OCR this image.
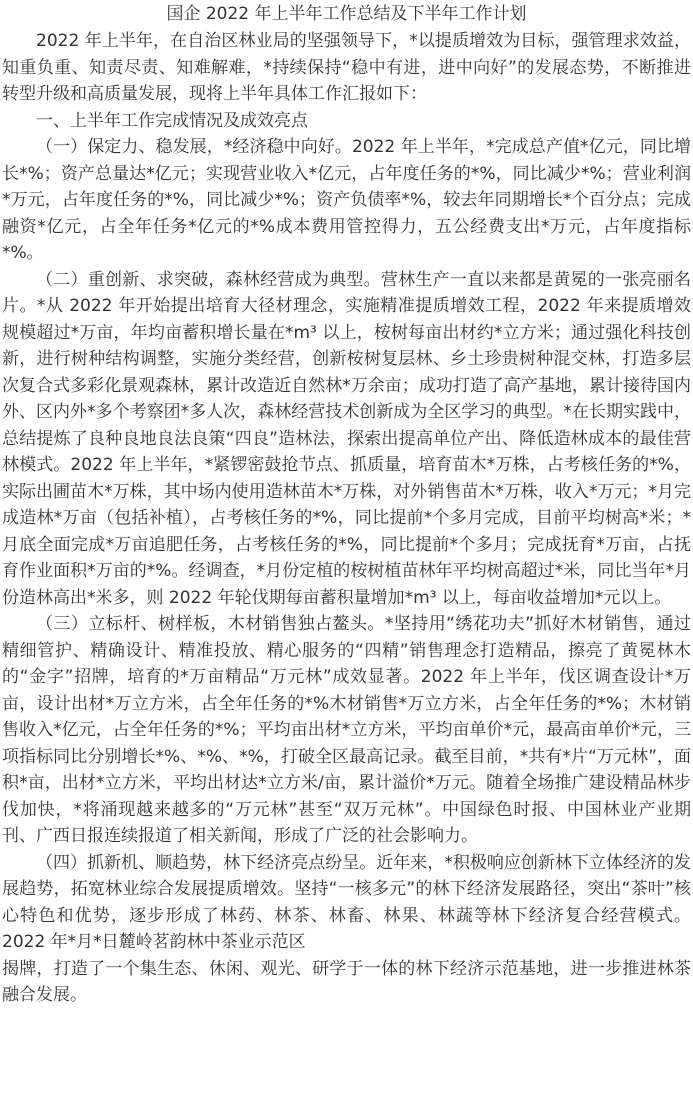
国企 2022 年上半年工作总结及下半年工作计划

2022 年上半年，在自治区林业局的坚强领导下，*以提质增效为目标，强管理求效益，知重负重、知责尽责、知难解难，*持续保持“稳中有进，进中向好”的发展态势，不断推进转型升级和高质量发展，现将上半年具体工作汇报如下：

一、上半年工作完成情况及成效亮点

（一）保定力、稳发展，*经济稳中向好。2022 年上半年，*完成总产值*亿元，同比增长*%；资产总量达*亿元；实现营业收入*亿元，占年度任务的*%，同比减少*%；营业利润*万元，占年度任务的*%，同比减少*%；资产负债率*%，较去年同期增长*个百分点；完成融资*亿元，占全年任务*亿元的*%成本费用管控得力，五公经费支出*万元，占年度指标*%。

（二）重创新、求突破，森林经营成为典型。营林生产一直以来都是黄冕的一张亮丽名片。*从 2022 年开始提出培育大径材理念，实施精准提质增效工程，2022 年来提质增效规模超过*万亩，年均亩蓄积增长量在*m³ 以上，桉树每亩出材约*立方米；通过强化科技创新，进行树种结构调整，实施分类经营，创新桉树复层林、乡土珍贵树种混交林，打造多层次复合式多彩化景观森林，累计改造近自然林*万余亩；成功打造了高产基地，累计接待国内外、区内外*多个考察团*多人次，森林经营技术创新成为全区学习的典型。*在长期实践中，总结提炼了良种良地良法良策“四良”造林法，探索出提高单位产出、降低造林成本的最佳营林模式。2022 年上半年，*紧锣密鼓抢节点、抓质量，培育苗木*万株，占考核任务的*%，实际出圃苗木*万株，其中场内使用造林苗木*万株，对外销售苗木*万株，收入*万元；*月完成造林*万亩（包括补植），占考核任务的*%，同比提前*个多月完成，目前平均树高*米；*月底全面完成*万亩追肥任务，占考核任务的*%，同比提前*个多月；完成抚育*万亩，占抚育作业面积*万亩的*%。经调查，*月份定植的桉树植苗林年平均树高超过*米，同比当年*月份造林高出*米多，则 2022 年轮伐期每亩蓄积量增加*m³ 以上，每亩收益增加*元以上。

（三）立标杆、树样板，木材销售独占鳌头。*坚持用“绣花功夫”抓好木材销售，通过精细管护、精确设计、精准投放、精心服务的“四精”销售理念打造精品，擦亮了黄冕林木的“金字”招牌，培育的*万亩精品“万元林”成效显著。2022 年上半年，伐区调查设计*万亩，设计出材*万立方米，占全年任务的*%木材销售*万立方米，占全年任务的*%；木材销售收入*亿元，占全年任务的*%；平均亩出材*立方米，平均亩单价*元，最高亩单价*元，三项指标同比分别增长*%、*%、*%，打破全区最高记录。截至目前，*共有*片“万元林”，面积*亩，出材*立方米，平均出材达*立方米/亩，累计溢价*万元。随着全场推广建设精品林步伐加快，*将涌现越来越多的“万元林”甚至“双万元林”。中国绿色时报、中国林业产业期刊、广西日报连续报道了相关新闻，形成了广泛的社会影响力。

（四）抓新机、顺趋势，林下经济亮点纷呈。近年来，*积极响应创新林下立体经济的发展趋势，拓宽林业综合发展提质增效。坚持“一核多元”的林下经济发展路径，突出“茶叶”核心特色和优势，逐步形成了林药、林茶、林畜、林果、林蔬等林下经济复合经营模式。2022 年*月*日麓岭茗韵林中茶业示范区

揭牌，打造了一个集生态、休闲、观光、研学于一体的林下经济示范基地，进一步推进林茶融合发展。
